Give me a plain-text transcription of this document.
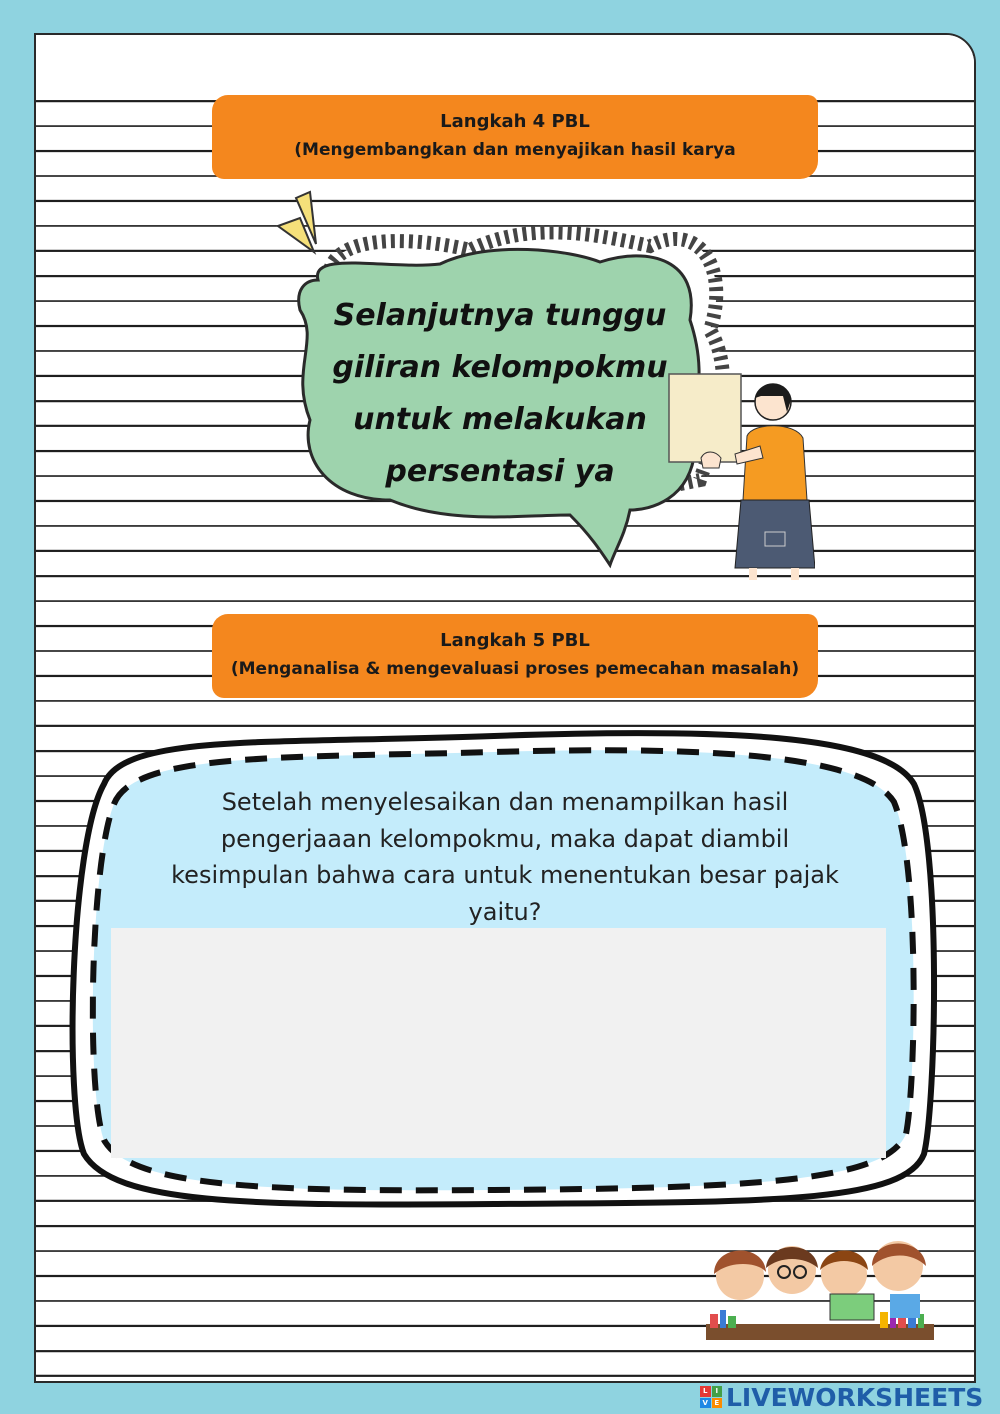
Langkah 4 PBL
(Mengembangkan dan menyajikan hasil karya
Selanjutnya tunggu
giliran kelompokmu
untuk melakukan
persentasi ya
Langkah 5 PBL
(Menganalisa & mengevaluasi proses pemecahan masalah)
Setelah menyelesaikan dan menampilkan hasil
pengerjaaan kelompokmu, maka dapat diambil
kesimpulan bahwa cara untuk menentukan besar pajak
yaitu?
L	I
V E LIVEWORKSHEETS
